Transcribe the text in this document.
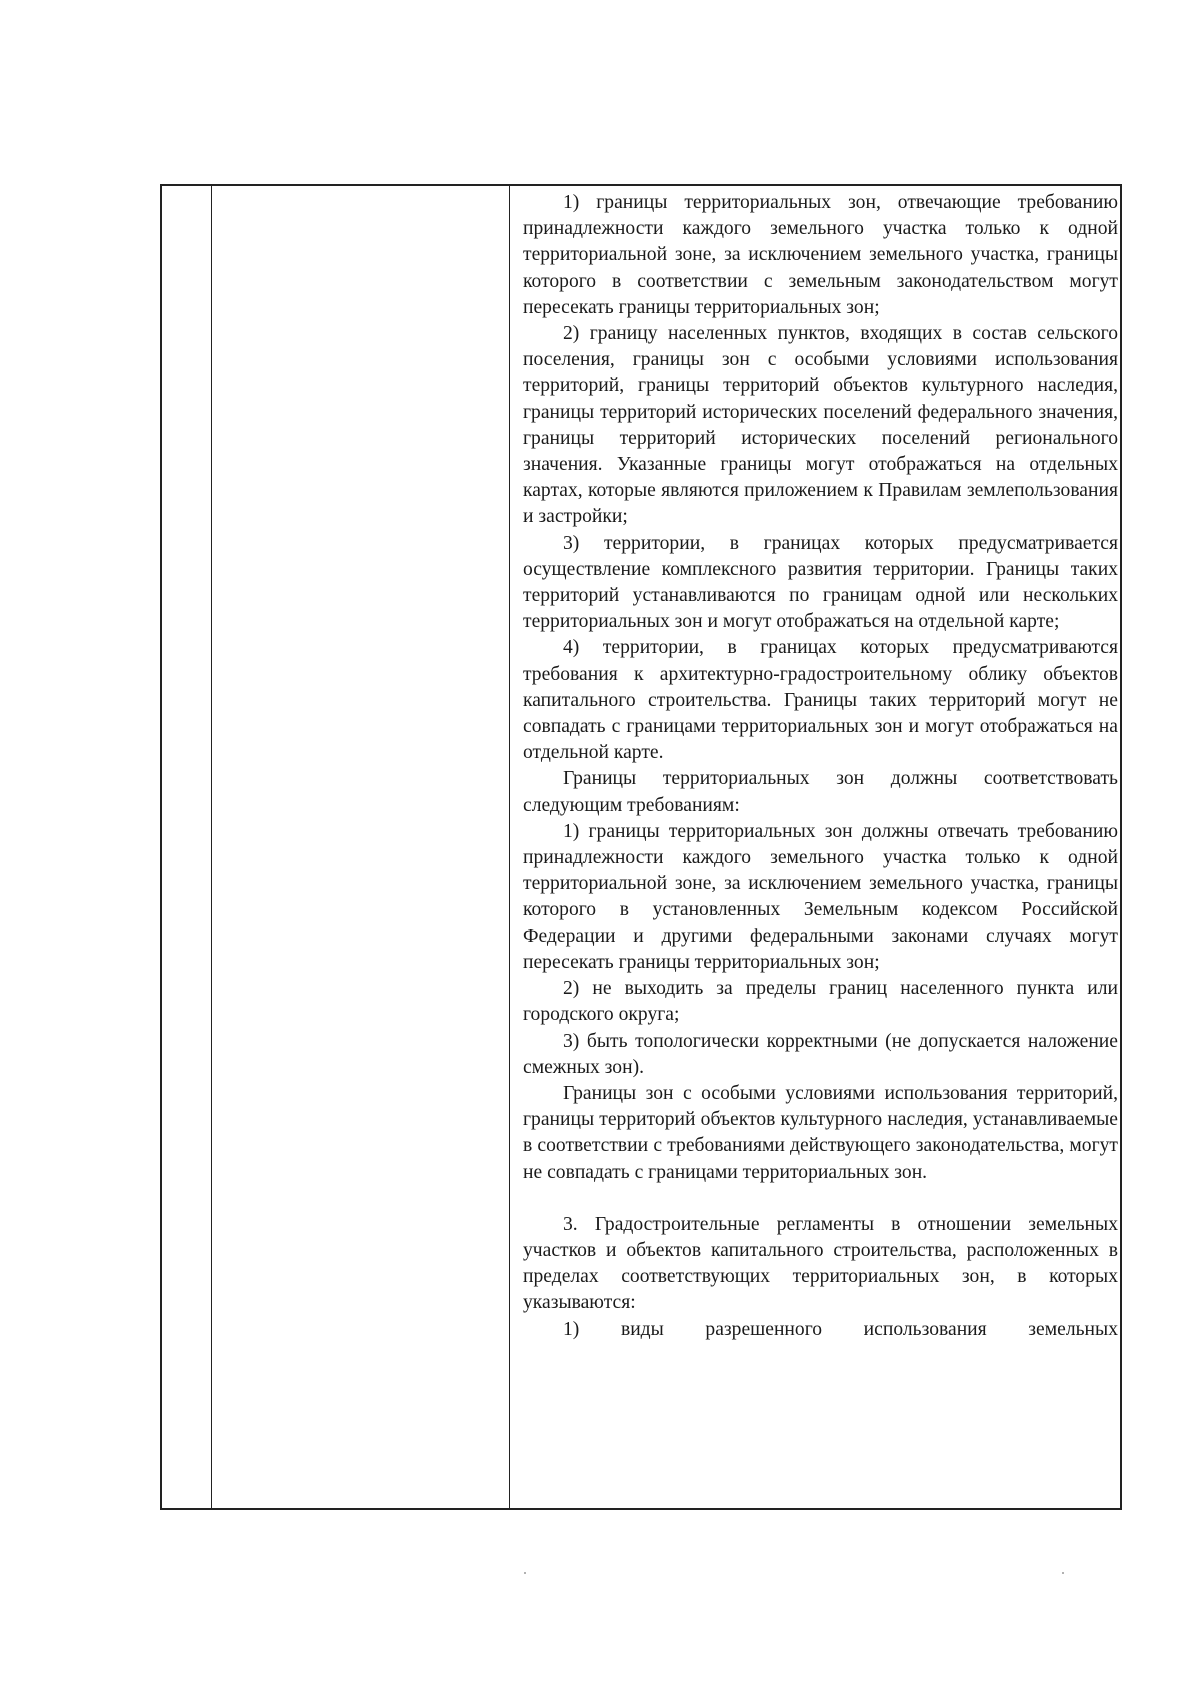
1) границы территориальных зон, отвечающие требованию принадлежности каждого земельного участка только к одной территориальной зоне, за исключением земельного участка, границы которого в соответствии с земельным законодательством могут пересекать границы территориальных зон;

2) границу населенных пунктов, входящих в состав сельского поселения, границы зон с особыми условиями использования территорий, границы территорий объектов культурного наследия, границы территорий исторических поселений федерального значения, границы территорий исторических поселений регионального значения. Указанные границы могут отображаться на отдельных картах, которые являются приложением к Правилам землепользования и застройки;

3) территории, в границах которых предусматривается осуществление комплексного развития территории. Границы таких территорий устанавливаются по границам одной или нескольких территориальных зон и могут отображаться на отдельной карте;

4) территории, в границах которых предусматриваются требования к архитектурно-градостроительному облику объектов капитального строительства. Границы таких территорий могут не совпадать с границами территориальных зон и могут отображаться на отдельной карте.

Границы территориальных зон должны соответствовать следующим требованиям:

1) границы территориальных зон должны отвечать требованию принадлежности каждого земельного участка только к одной территориальной зоне, за исключением земельного участка, границы которого в установленных Земельным кодексом Российской Федерации и другими федеральными законами случаях могут пересекать границы территориальных зон;

2) не выходить за пределы границ населенного пункта или городского округа;

3) быть топологически корректными (не допускается наложение смежных зон).

Границы зон с особыми условиями использования территорий, границы территорий объектов культурного наследия, устанавливаемые в соответствии с требованиями действующего законодательства, могут не совпадать с границами территориальных зон.

3. Градостроительные регламенты в отношении земельных участков и объектов капитального строительства, расположенных в пределах соответствующих территориальных зон, в которых указываются:

1) виды разрешенного использования земельных
